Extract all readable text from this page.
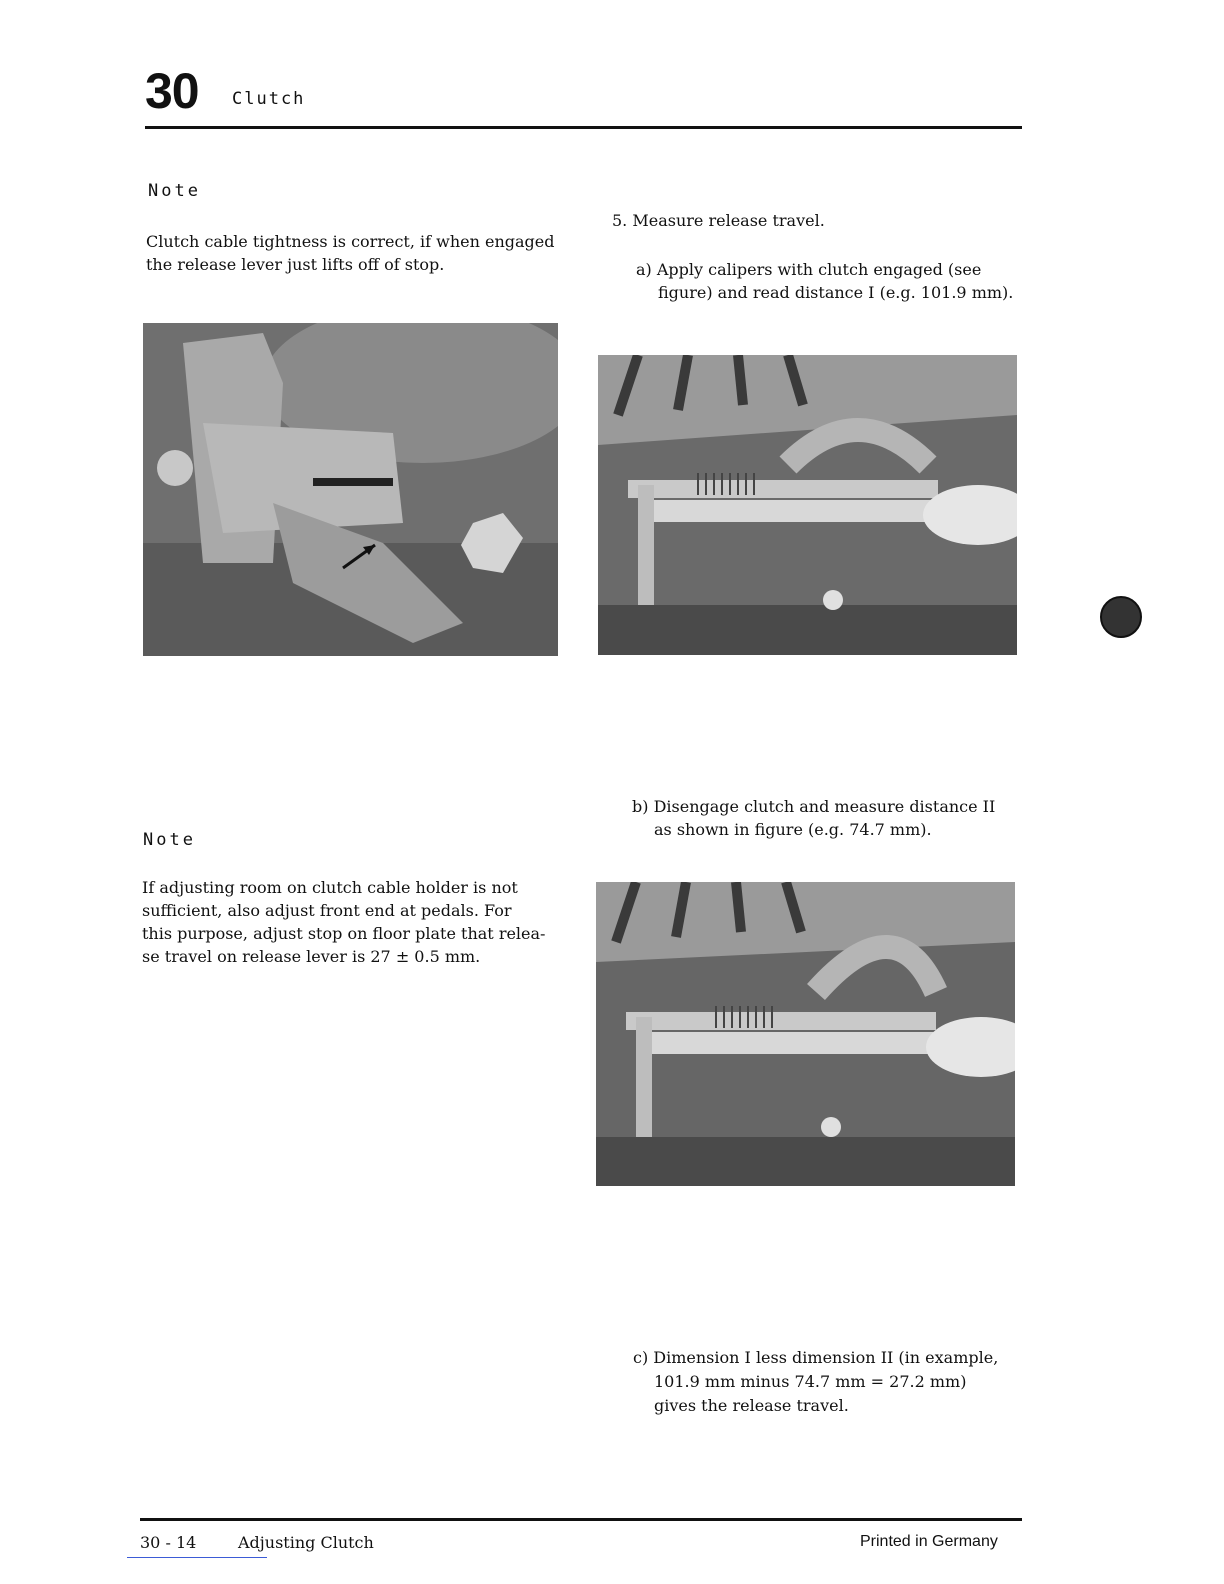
30 Clutch
Note
Clutch cable tightness is correct, if when engaged
the release lever just lifts off of stop.
Note
If adjusting room on clutch cable holder is not
sufficient, also adjust front end at pedals. For
this purpose, adjust stop on floor plate that relea-
se travel on release lever is 27 ± 0.5 mm.
5. Measure release travel.
a) Apply calipers with clutch engaged (see
figure) and read distance I (e.g. 101.9 mm).
b) Disengage clutch and measure distance II
as shown in figure (e.g. 74.7 mm).
c) Dimension I less dimension II (in example,
101.9 mm minus 74.7 mm = 27.2 mm)
gives the release travel.
30 - 14	Adjusting Clutch	Printed in Germany
